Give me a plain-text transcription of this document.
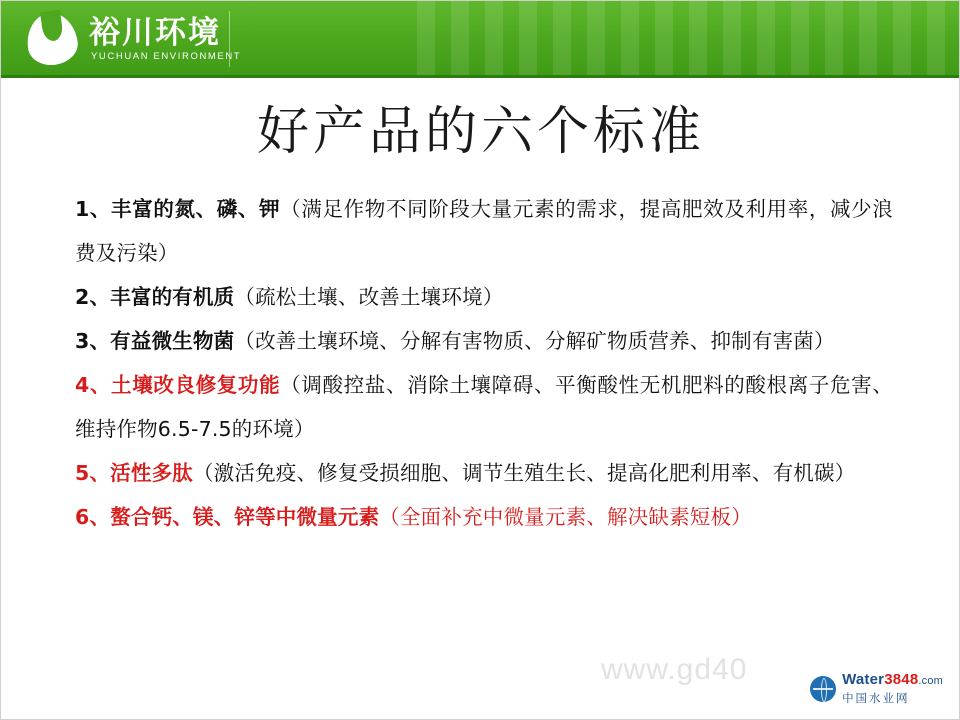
裕川环境
YUCHUAN ENVIRONMENT
好产品的六个标准
1、丰富的氮、磷、钾（满足作物不同阶段大量元素的需求，提高肥效及利用率，减少浪费及污染）
2、丰富的有机质（疏松土壤、改善土壤环境）
3、有益微生物菌（改善土壤环境、分解有害物质、分解矿物质营养、抑制有害菌）
4、土壤改良修复功能（调酸控盐、消除土壤障碍、平衡酸性无机肥料的酸根离子危害、维持作物6.5-7.5的环境）
5、活性多肽（激活免疫、修复受损细胞、调节生殖生长、提高化肥利用率、有机碳）
6、螯合钙、镁、锌等中微量元素（全面补充中微量元素、解决缺素短板）
www.gd40	Water3848.com
中国水业网
